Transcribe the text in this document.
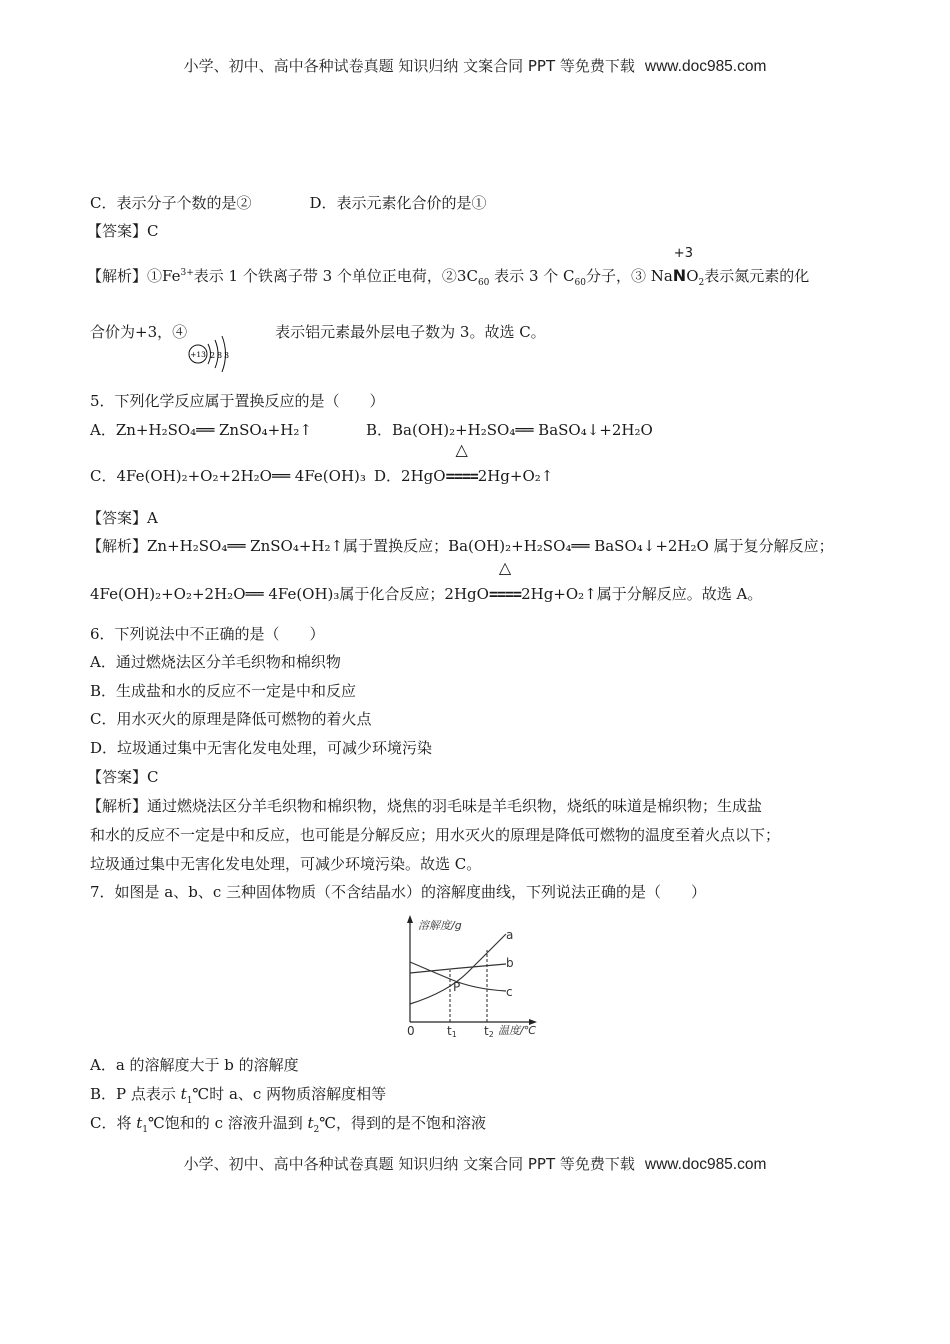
小学、初中、高中各种试卷真题 知识归纳 文案合同 PPT 等免费下载 www.doc985.com
C．表示分子个数的是②	D．表示元素化合价的是①
【答案】C
【解析】$①Fe^{3+}$表示 1 个铁离子带 3 个单位正电荷，$②3C_{60}$ 表示 3 个 $C_{60}$分子，③ Na
+3
$NO_2$表示氮元素的化
合价为+3，④	表示铝元素最外层电子数为 3。故选 C。
+13 2 8 3
5．下列化学反应属于置换反应的是（　　）
A．Zn+H₂SO₄══ ZnSO₄+H₂↑	B．Ba(OH)₂+H₂SO₄══ BaSO₄↓+2H₂O
C．4Fe(OH)₂+O₂+2H₂O══ 4Fe(OH)₃ D．2HgO
△
====2Hg+O₂↑
【答案】A
【解析】Zn+H₂SO₄══ ZnSO₄+H₂↑属于置换反应；Ba(OH)₂+H₂SO₄══ BaSO₄↓+2H₂O 属于复分解反应；
4Fe(OH)₂+O₂+2H₂O══ 4Fe(OH)₃属于化合反应；2HgO
△
====2Hg+O₂↑属于分解反应。故选 A。
6．下列说法中不正确的是（　　）
A．通过燃烧法区分羊毛织物和棉织物
B．生成盐和水的反应不一定是中和反应
C．用水灭火的原理是降低可燃物的着火点
D．垃圾通过集中无害化发电处理，可减少环境污染
【答案】C
【解析】通过燃烧法区分羊毛织物和棉织物，烧焦的羽毛味是羊毛织物，烧纸的味道是棉织物；生成盐
和水的反应不一定是中和反应，也可能是分解反应；用水灭火的原理是降低可燃物的温度至着火点以下；
垃圾通过集中无害化发电处理，可减少环境污染。故选 C。
7．如图是 a、b、c 三种固体物质（不含结晶水）的溶解度曲线，下列说法正确的是（　　）
溶解度/g
a
b
c
P
0	t1 t2 温度/℃
A．a 的溶解度大于 b 的溶解度
B．P 点表示 $t_1℃$时 a、c 两物质溶解度相等
C．将 $t_1℃$饱和的 c 溶液升温到 $t_2℃$，得到的是不饱和溶液
小学、初中、高中各种试卷真题 知识归纳 文案合同 PPT 等免费下载 www.doc985.com
